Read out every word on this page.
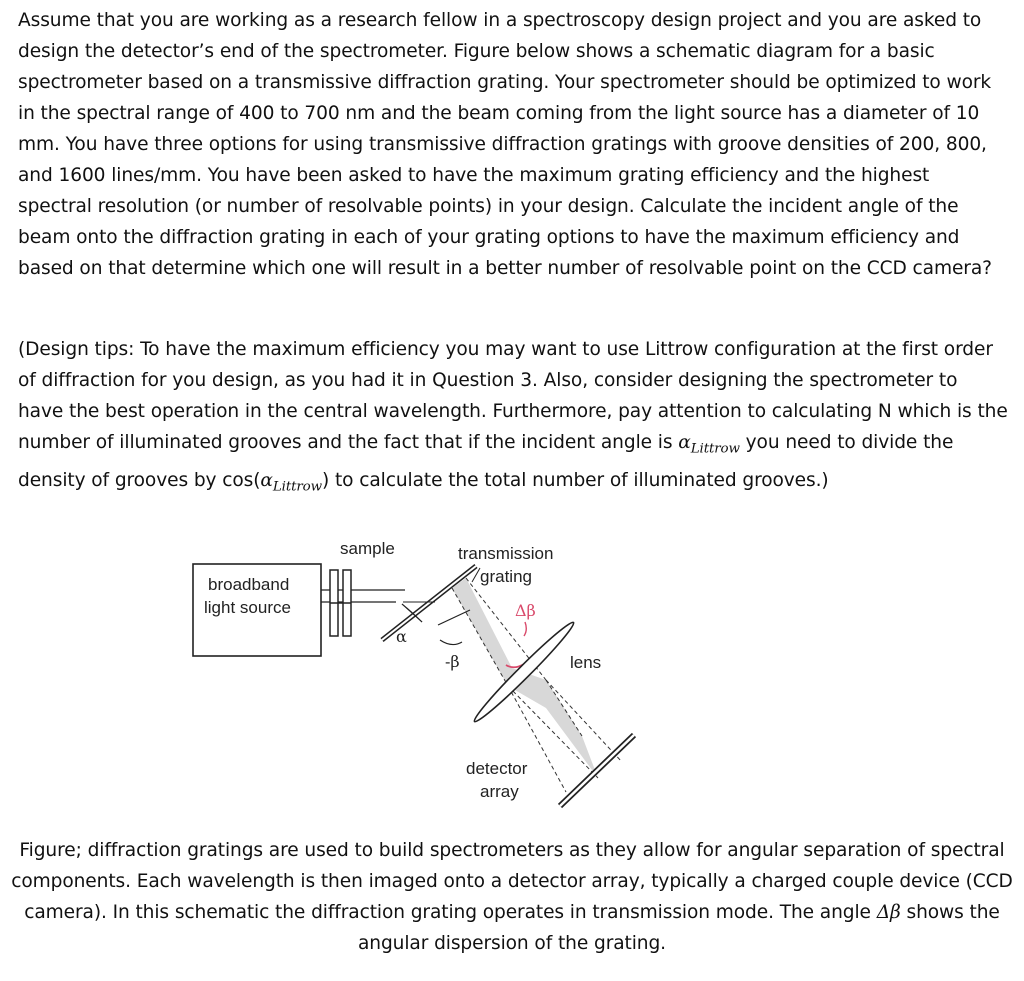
Assume that you are working as a research fellow in a spectroscopy design project and you are asked to design the detector’s end of the spectrometer. Figure below shows a schematic diagram for a basic spectrometer based on a transmissive diffraction grating. Your spectrometer should be optimized to work in the spectral range of 400 to 700 nm and the beam coming from the light source has a diameter of 10 mm. You have three options for using transmissive diffraction gratings with groove densities of 200, 800, and 1600 lines/mm. You have been asked to have the maximum grating efficiency and the highest spectral resolution (or number of resolvable points) in your design. Calculate the incident angle of the beam onto the diffraction grating in each of your grating options to have the maximum efficiency and based on that determine which one will result in a better number of resolvable point on the CCD camera?

(Design tips: To have the maximum efficiency you may want to use Littrow configuration at the first order of diffraction for you design, as you had it in Question 3. Also, consider designing the spectrometer to have the best operation in the central wavelength. Furthermore, pay attention to calculating N which is the number of illuminated grooves and the fact that if the incident angle is $\alpha_{Littrow}$ you need to divide the density of grooves by $\cos(\alpha_{Littrow})$ to calculate the total number of illuminated grooves.)

broadband
light source
sample	transmission
grating
α
-β
Δβ
lens
detector
array

Figure; diffraction gratings are used to build spectrometers as they allow for angular separation of spectral components. Each wavelength is then imaged onto a detector array, typically a charged couple device (CCD camera). In this schematic the diffraction grating operates in transmission mode. The angle Δβ shows the angular dispersion of the grating.
